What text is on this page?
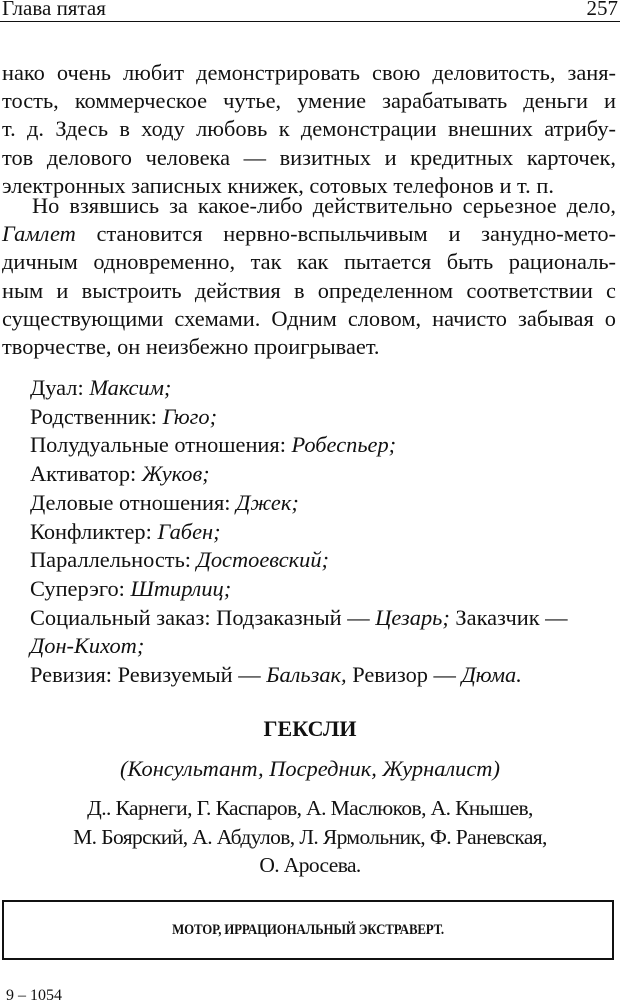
Глава пятая	257
нако очень любит демонстрировать свою деловитость, заня-
тость, коммерческое чутье, умение зарабатывать деньги и
т. д. Здесь в ходу любовь к демонстрации внешних атрибу-
тов делового человека — визитных и кредитных карточек,
электронных записных книжек, сотовых телефонов и т. п.
Но взявшись за какое-либо действительно серьезное дело,
Гамлет становится нервно-вспыльчивым и занудно-мето-
дичным одновременно, так как пытается быть рациональ-
ным и выстроить действия в определенном соответствии с
существующими схемами. Одним словом, начисто забывая о
творчестве, он неизбежно проигрывает.
Дуал: Максим;
Родственник: Гюго;
Полудуальные отношения: Робеспьер;
Активатор: Жуков;
Деловые отношения: Джек;
Конфликтер: Габен;
Параллельность: Достоевский;
Суперэго: Штирлиц;
Социальный заказ: Подзаказный — Цезарь; Заказчик —
Дон-Кихот;
Ревизия: Ревизуемый — Бальзак, Ревизор — Дюма.
ГЕКСЛИ
(Консультант, Посредник, Журналист)
Д.. Карнеги, Г. Каспаров, А. Маслюков, А. Кнышев,
М. Боярский, А. Абдулов, Л. Ярмольник, Ф. Раневская,
О. Аросева.
МОТОР, ИРРАЦИОНАЛЬНЫЙ ЭКСТРАВЕРТ.
9 – 1054
